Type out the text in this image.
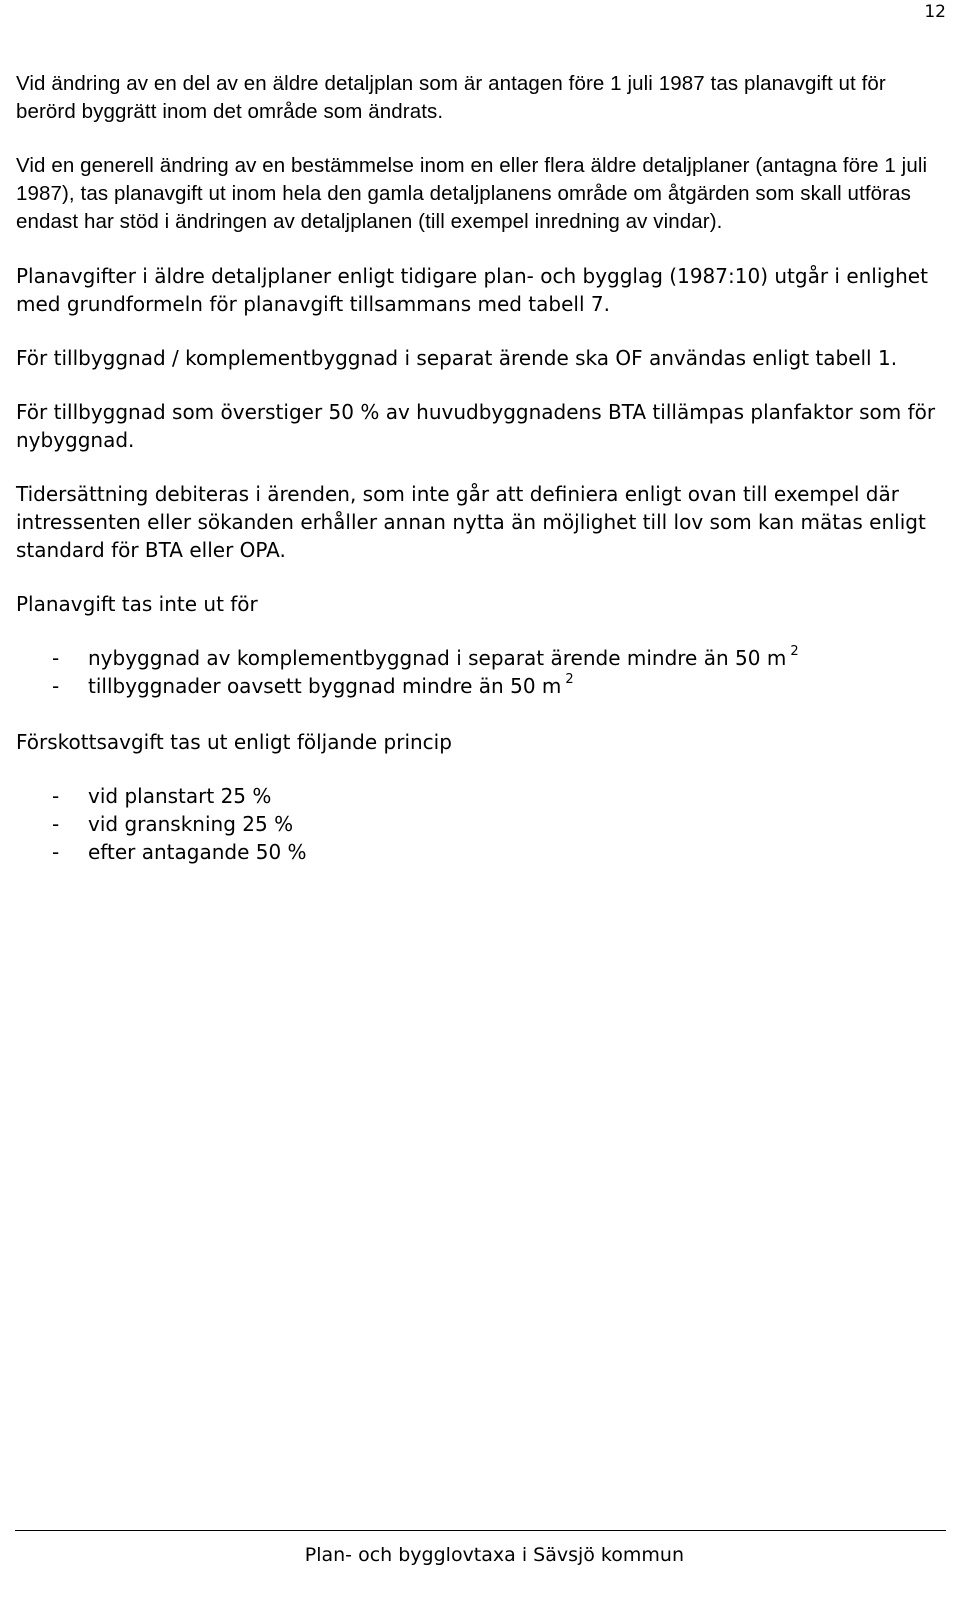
12

Vid ändring av en del av en äldre detaljplan som är antagen före 1 juli 1987 tas planavgift ut för berörd byggrätt inom det område som ändrats.

Vid en generell ändring av en bestämmelse inom en eller flera äldre detaljplaner (antagna före 1 juli 1987), tas planavgift ut inom hela den gamla detaljplanens område om åtgärden som skall utföras endast har stöd i ändringen av detaljplanen (till exempel inredning av vindar).

Planavgifter i äldre detaljplaner enligt tidigare plan- och bygglag (1987:10) utgår i enlighet med grundformeln för planavgift tillsammans med tabell 7.

För tillbyggnad / komplementbyggnad i separat ärende ska OF användas enligt tabell 1.

För tillbyggnad som överstiger 50 % av huvudbyggnadens BTA tillämpas planfaktor som för nybyggnad.

Tidersättning debiteras i ärenden, som inte går att definiera enligt ovan till exempel där intressenten eller sökanden erhåller annan nytta än möjlighet till lov som kan mätas enligt standard för BTA eller OPA.

Planavgift tas inte ut för

-	nybyggnad av komplementbyggnad i separat ärende mindre än 50 m $^2$
-	tillbyggnader oavsett byggnad mindre än 50 m $^2$

Förskottsavgift tas ut enligt följande princip

-	vid planstart 25 %
-	vid granskning 25 %
-	efter antagande 50 %
Plan- och bygglovtaxa i Sävsjö kommun
